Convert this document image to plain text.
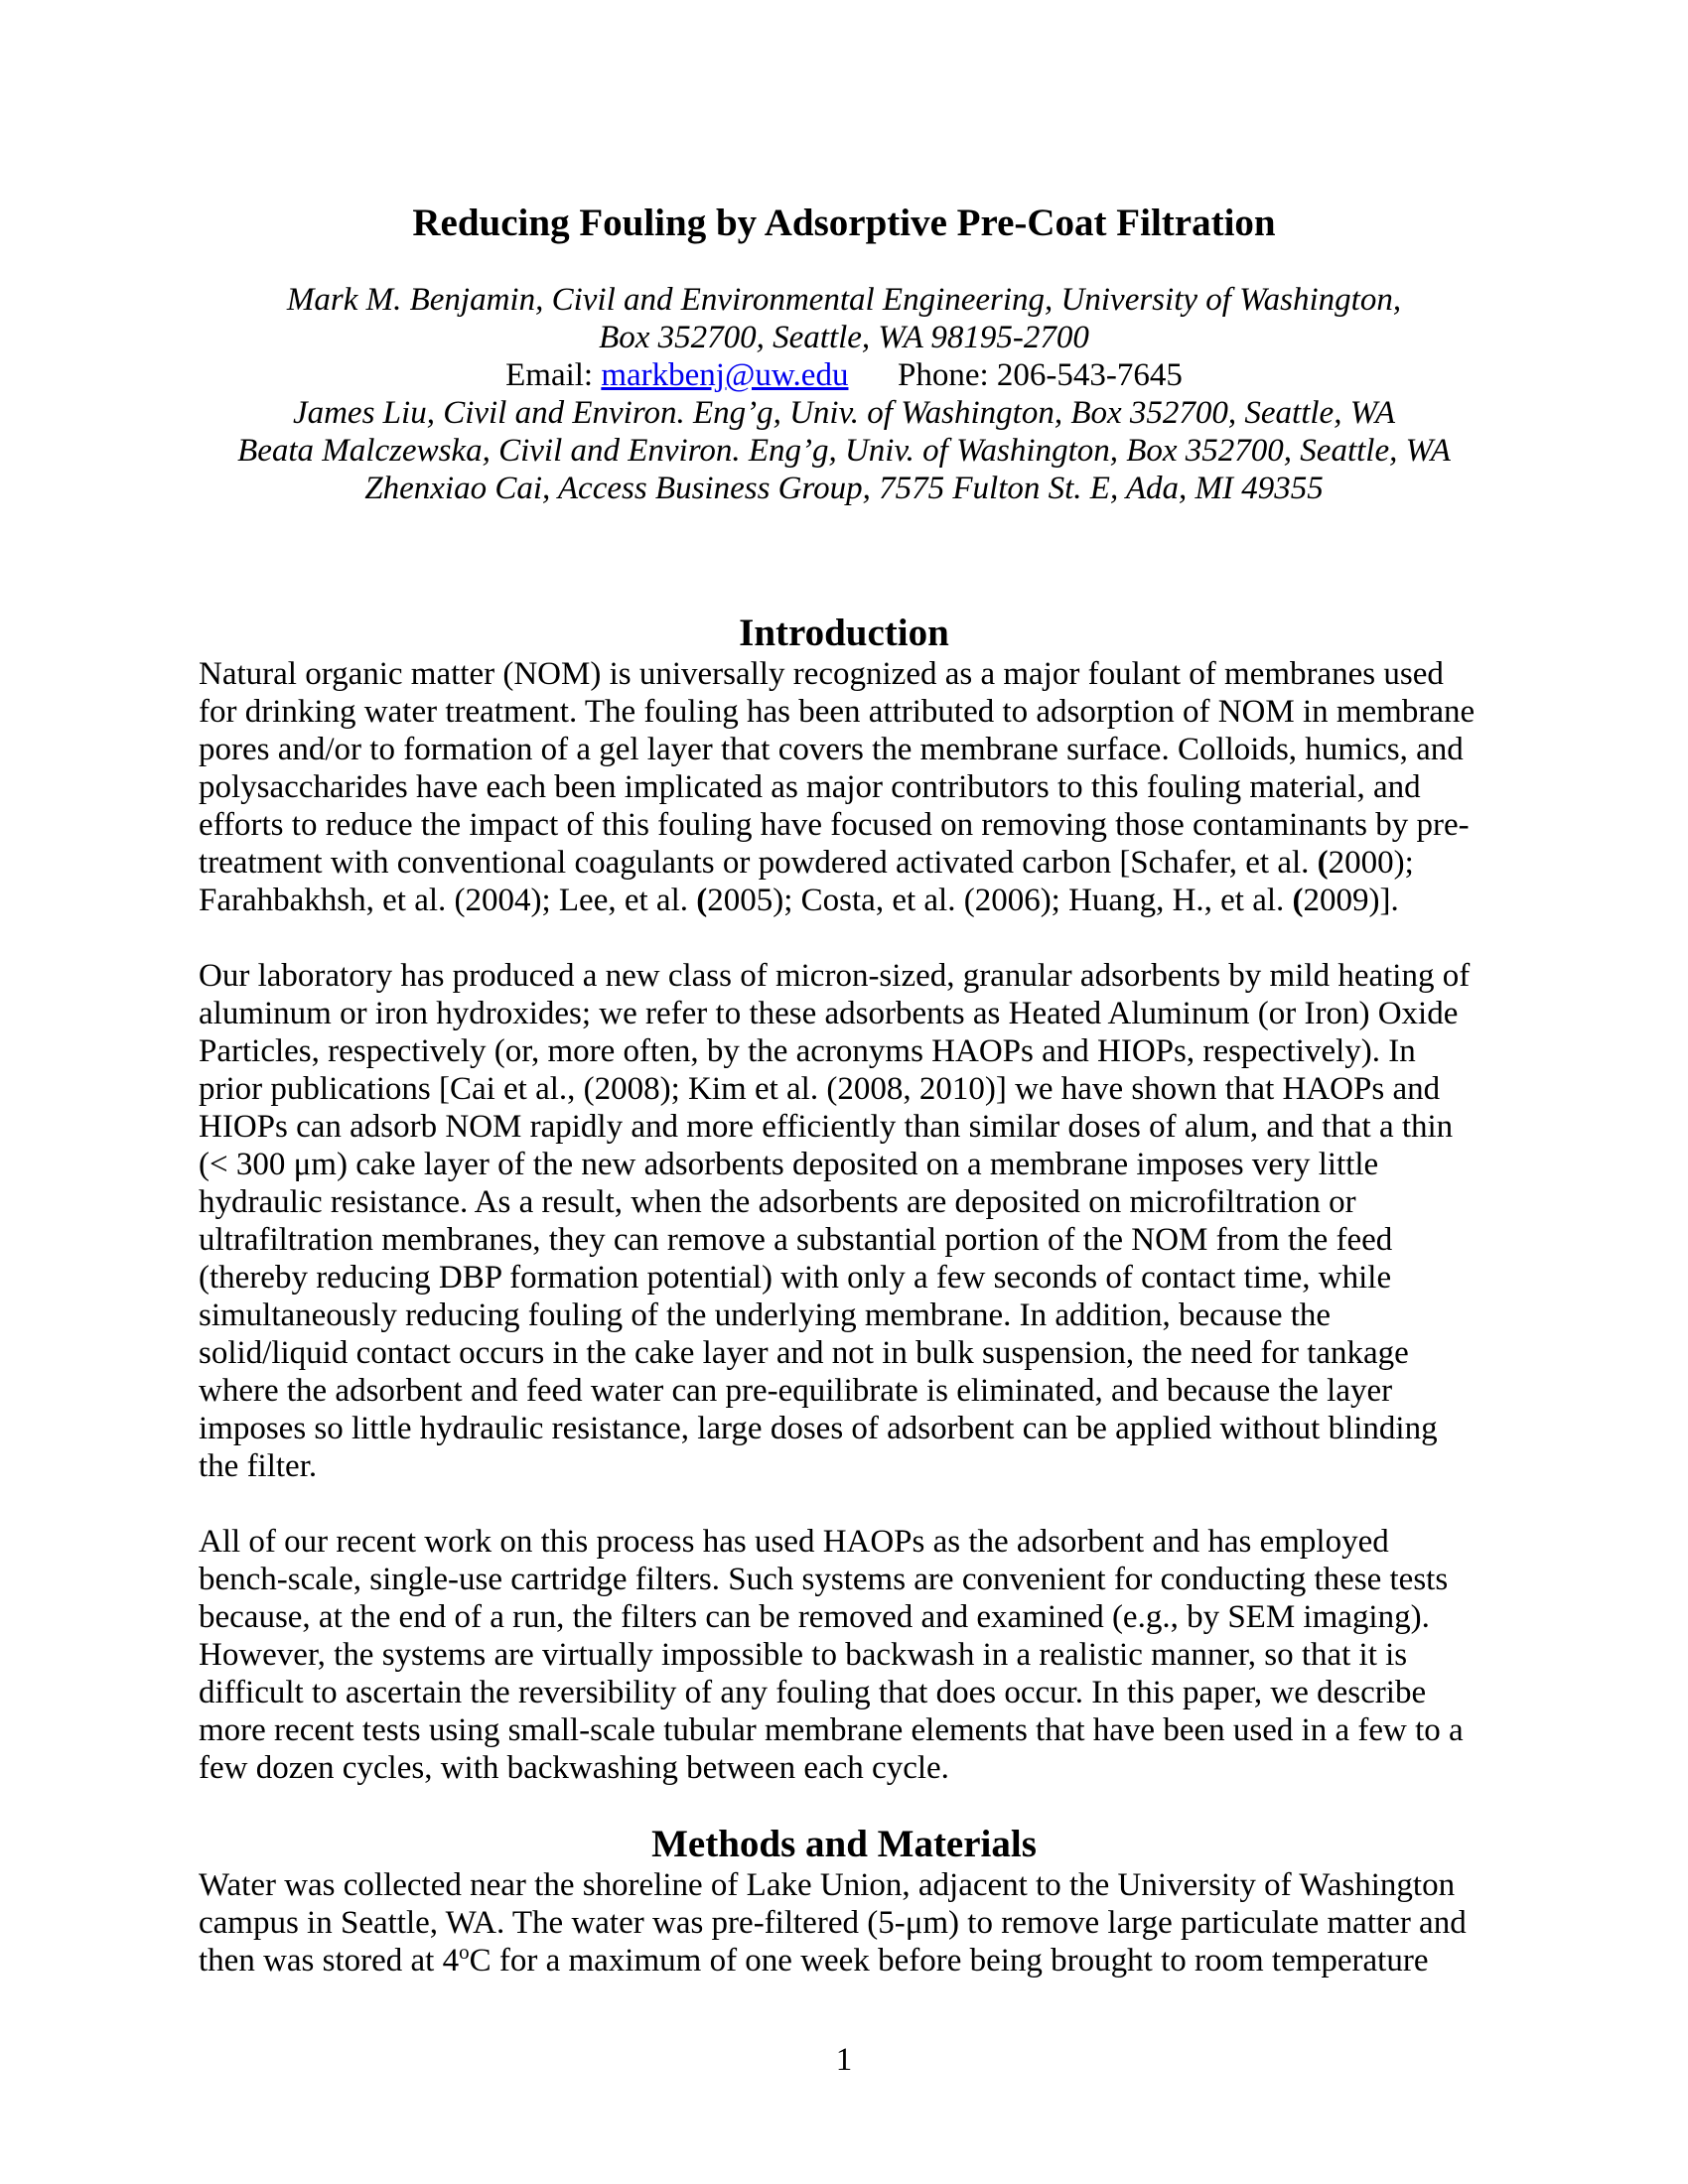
Reducing Fouling by Adsorptive Pre-Coat Filtration
Mark M. Benjamin, Civil and Environmental Engineering, University of Washington,
Box 352700, Seattle, WA 98195-2700
Email: markbenj@uw.edu      Phone: 206-543-7645
James Liu, Civil and Environ. Eng’g, Univ. of Washington, Box 352700, Seattle, WA
Beata Malczewska, Civil and Environ. Eng’g, Univ. of Washington, Box 352700, Seattle, WA
Zhenxiao Cai, Access Business Group, 7575 Fulton St. E, Ada, MI 49355
Introduction
Natural organic matter (NOM) is universally recognized as a major foulant of membranes used
for drinking water treatment. The fouling has been attributed to adsorption of NOM in membrane
pores and/or to formation of a gel layer that covers the membrane surface. Colloids, humics, and
polysaccharides have each been implicated as major contributors to this fouling material, and
efforts to reduce the impact of this fouling have focused on removing those contaminants by pre-
treatment with conventional coagulants or powdered activated carbon [Schafer, et al. (2000);
Farahbakhsh, et al. (2004); Lee, et al. (2005); Costa, et al. (2006); Huang, H., et al. (2009)].
Our laboratory has produced a new class of micron-sized, granular adsorbents by mild heating of
aluminum or iron hydroxides; we refer to these adsorbents as Heated Aluminum (or Iron) Oxide
Particles, respectively (or, more often, by the acronyms HAOPs and HIOPs, respectively). In
prior publications [Cai et al., (2008); Kim et al. (2008, 2010)] we have shown that HAOPs and
HIOPs can adsorb NOM rapidly and more efficiently than similar doses of alum, and that a thin
(< 300 μm) cake layer of the new adsorbents deposited on a membrane imposes very little
hydraulic resistance. As a result, when the adsorbents are deposited on microfiltration or
ultrafiltration membranes, they can remove a substantial portion of the NOM from the feed
(thereby reducing DBP formation potential) with only a few seconds of contact time, while
simultaneously reducing fouling of the underlying membrane. In addition, because the
solid/liquid contact occurs in the cake layer and not in bulk suspension, the need for tankage
where the adsorbent and feed water can pre-equilibrate is eliminated, and because the layer
imposes so little hydraulic resistance, large doses of adsorbent can be applied without blinding
the filter.
All of our recent work on this process has used HAOPs as the adsorbent and has employed
bench-scale, single-use cartridge filters. Such systems are convenient for conducting these tests
because, at the end of a run, the filters can be removed and examined (e.g., by SEM imaging).
However, the systems are virtually impossible to backwash in a realistic manner, so that it is
difficult to ascertain the reversibility of any fouling that does occur. In this paper, we describe
more recent tests using small-scale tubular membrane elements that have been used in a few to a
few dozen cycles, with backwashing between each cycle.
Methods and Materials
Water was collected near the shoreline of Lake Union, adjacent to the University of Washington
campus in Seattle, WA. The water was pre-filtered (5-μm) to remove large particulate matter and
then was stored at 4$^o$C for a maximum of one week before being brought to room temperature
1
